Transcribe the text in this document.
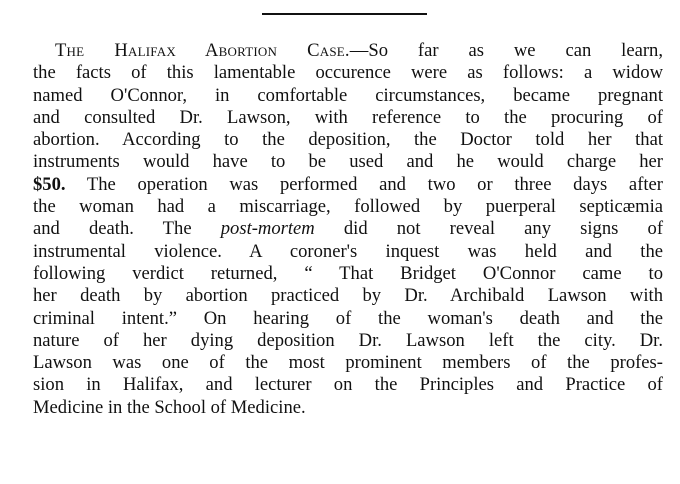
The Halifax Abortion Case.—So far as we can learn,
the facts of this lamentable occurence were as follows: a widow
named O'Connor, in comfortable circumstances, became pregnant
and consulted Dr. Lawson, with reference to the procuring of
abortion. According to the deposition, the Doctor told her that
instruments would have to be used and he would charge her
$50. The operation was performed and two or three days after
the woman had a miscarriage, followed by puerperal septicæmia
and death. The post-mortem did not reveal any signs of
instrumental violence. A coroner's inquest was held and the
following verdict returned, “ That Bridget O'Connor came to
her death by abortion practiced by Dr. Archibald Lawson with
criminal intent.” On hearing of the woman's death and the
nature of her dying deposition Dr. Lawson left the city. Dr.
Lawson was one of the most prominent members of the profes-
sion in Halifax, and lecturer on the Principles and Practice of
Medicine in the School of Medicine.
